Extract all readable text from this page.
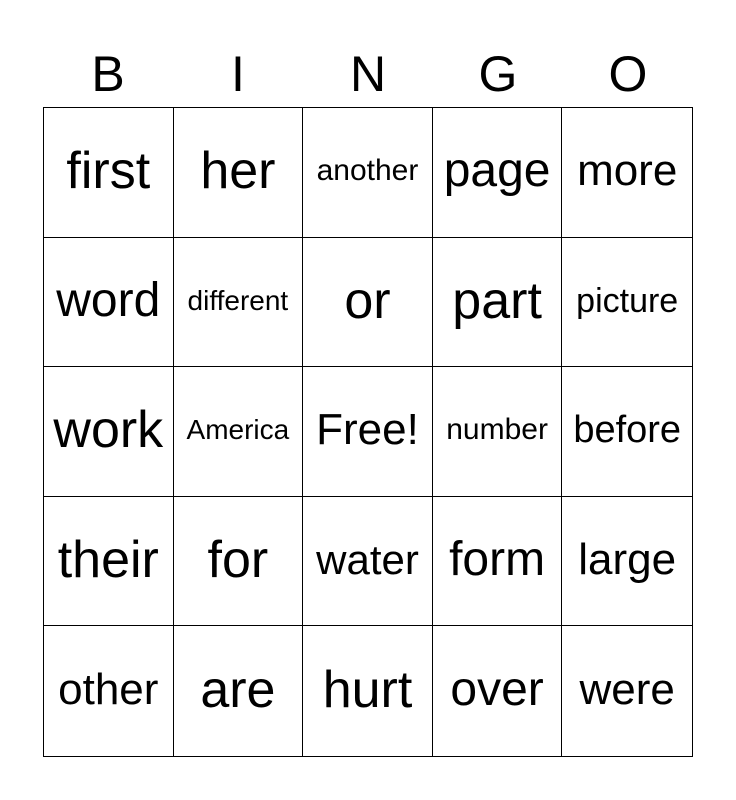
B	I	N	G	O
first her	another page more
word different	or	part	picture
work America Free! number before
their for	water form large
other are hurt over were
